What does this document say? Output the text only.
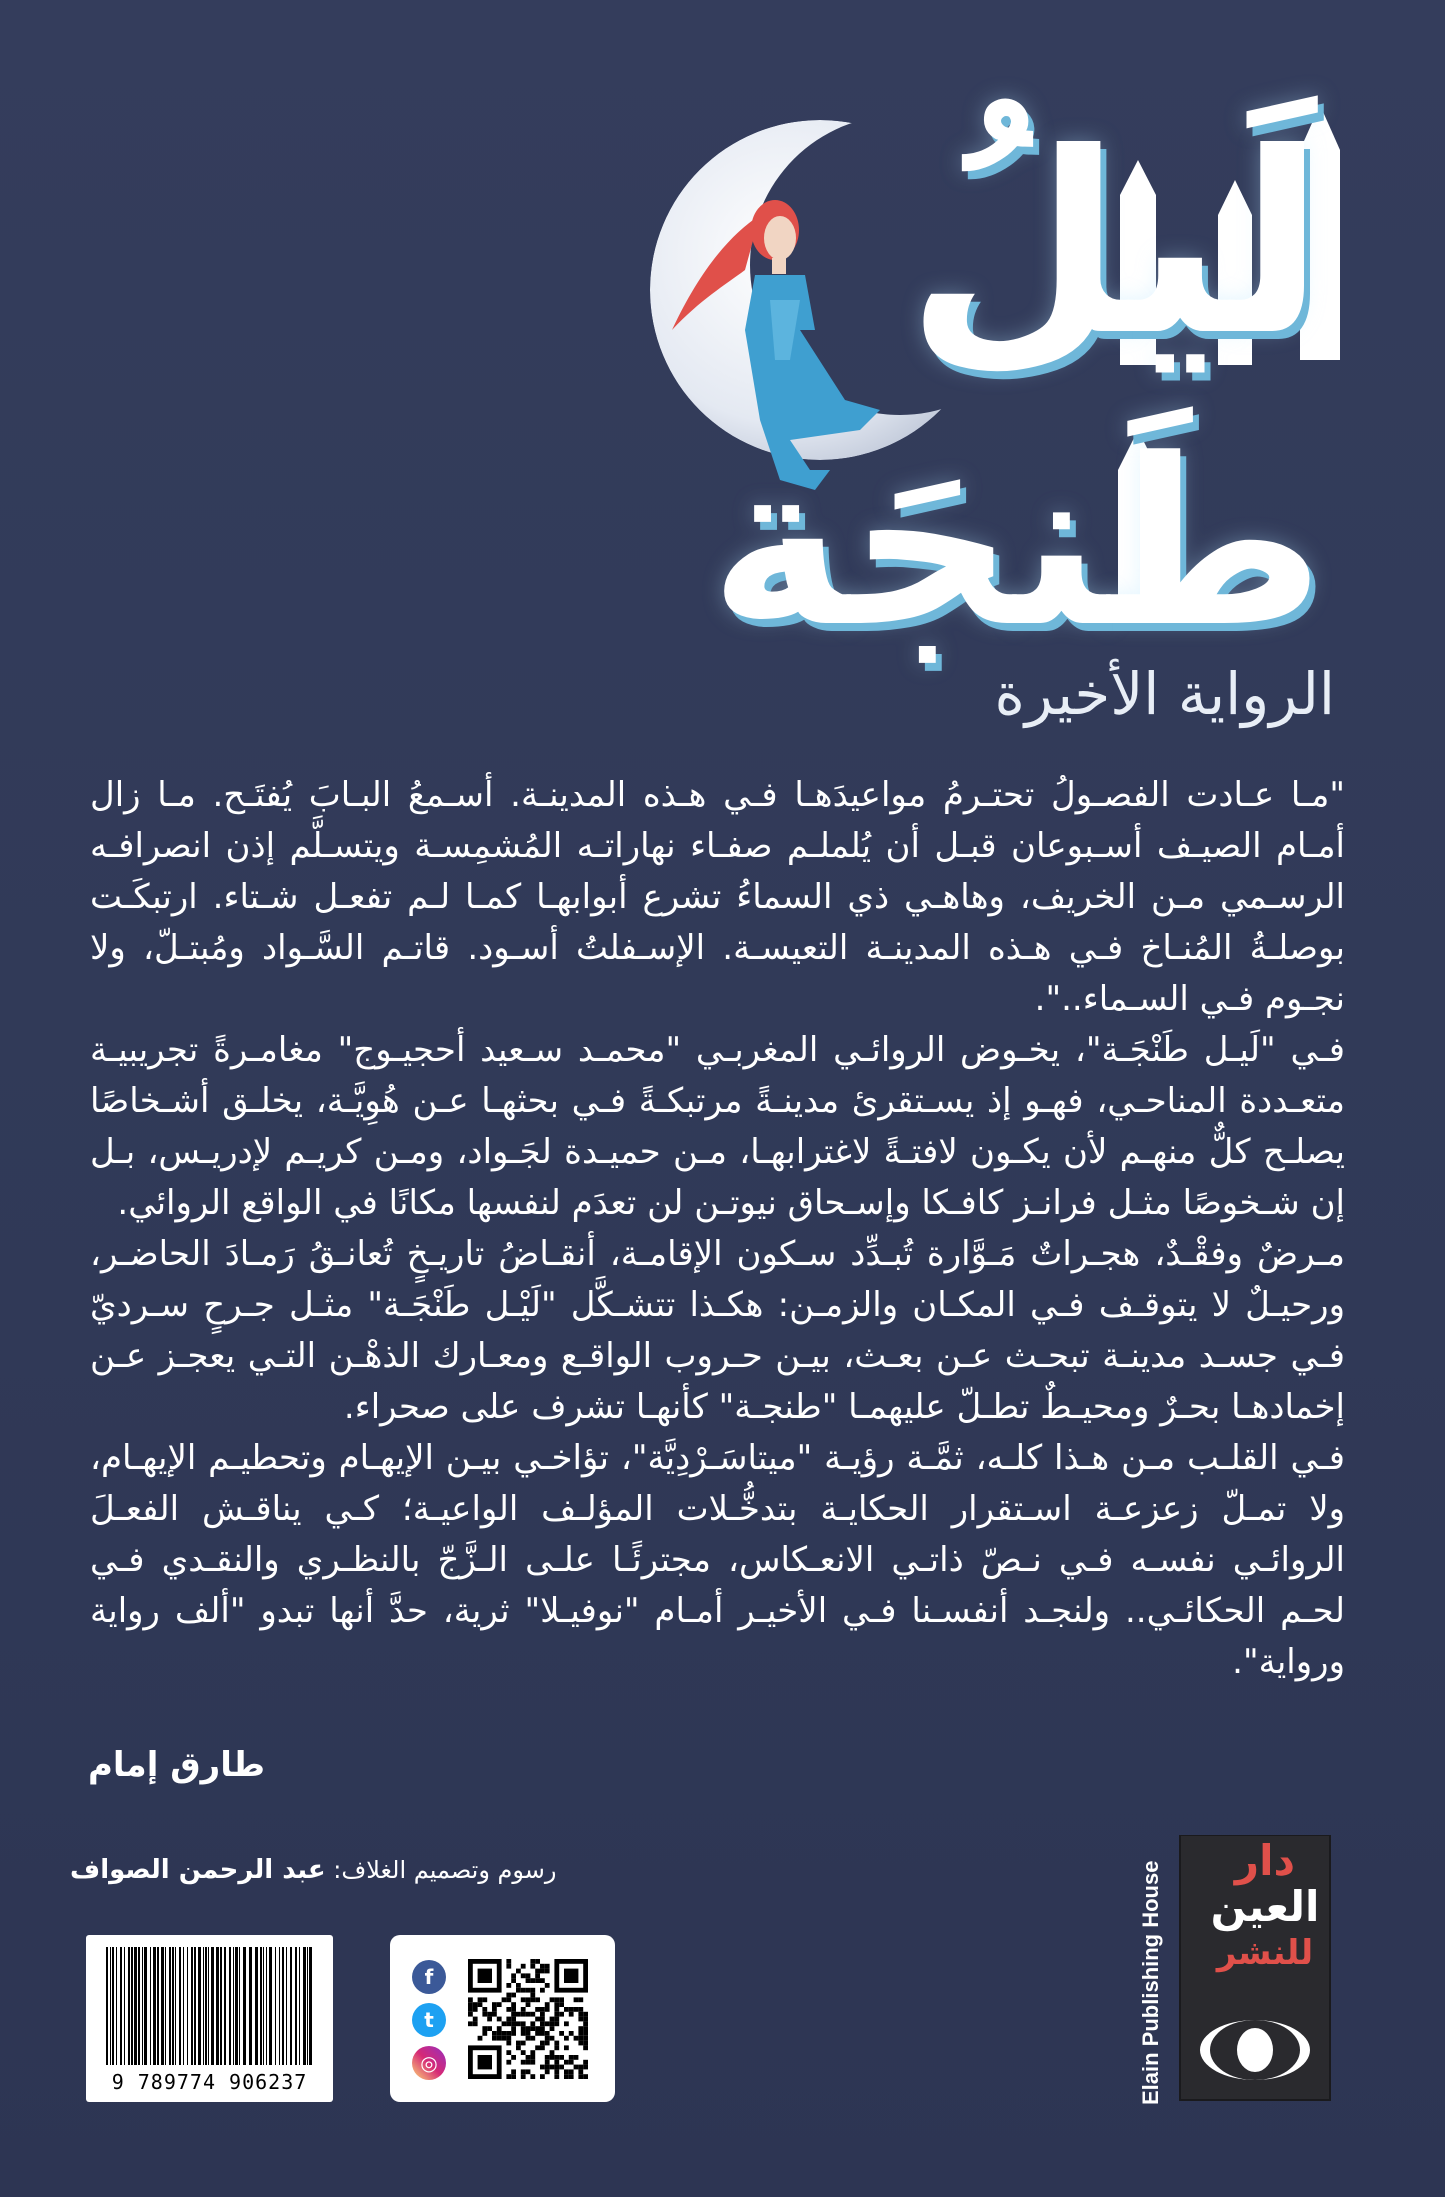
لَيلُ
طَنجَة
الرواية الأخيرة

"مـا عـادت الفصـولُ تحتـرمُ مواعيدَهـا فـي هـذه المدينـة. أسـمعُ البـابَ يُفتَـح. مـا زال أمـام الصيـف أسـبوعان قبـل أن يُلملـم صفـاء نهاراتـه المُشمِسـة ويتسـلَّم إذن انصرافـه الرسـمي مـن الخريف، وهاهـي ذي السماءُ تشرع أبوابهـا كمـا لـم تفعـل شـتاء. ارتبكَـت بوصلـةُ المُنـاخ فـي هـذه المدينـة التعيسـة. الإسـفلتُ أسـود. قاتـم السَّـواد ومُبتـلّ، ولا نجـوم فـي السـماء..".

فـي "لَيـل طَنْجَـة"، يخـوض الروائـي المغربـي "محمـد سـعيد أحجيـوج" مغامـرةً تجريبيـة متعـددة المناحـي، فهـو إذ يسـتقرئ مدينـةً مرتبكـةً فـي بحثهـا عـن هُوِيَّـة، يخلـق أشـخاصًا يصلـح كلٌّ منهـم لأن يكـون لافتـةً لاغترابهـا، مـن حميـدة لجَـواد، ومـن كريـم لإدريـس، بـل إن شـخوصًا مثـل فرانـز كافـكا وإسـحاق نيوتـن لن تعدَم لنفسها مكانًا في الواقع الروائي.

مـرضٌ وفقْـدٌ، هجـراتٌ مَـوَّارة تُبـدِّد سـكون الإقامـة، أنقـاضُ تاريـخٍ تُعانـقُ رَمـادَ الحاضـر، ورحيـلٌ لا يتوقـف فـي المكـان والزمـن: هكـذا تتشـكَّل "لَيْـل طَنْجَـة" مثـل جـرحٍ سـرديّ فـي جسـد مدينـة تبحـث عـن بعـث، بيـن حـروب الواقـع ومعـارك الذهْـن التـي يعجـز عـن إخمادهـا بحـرٌ ومحيـطٌ تطـلّ عليهمـا "طنجـة" كأنهـا تشرف على صحراء.

فـي القلـب مـن هـذا كلـه، ثمَّـة رؤيـة "ميتاسَـرْدِيَّة"، تؤاخـي بيـن الإيهـام وتحطيـم الإيهـام، ولا تمـلّ زعزعـة اسـتقرار الحكايـة بتدخُّـلات المؤلـف الواعيـة؛ كـي يناقـش الفعـلَ الروائـي نفسـه فـي نـصّ ذاتـي الانعـكاس، مجترئًـا علـى الـزَّجّ بالنظـري والنقـدي فـي لحـم الحكائـي.. ولنجـد أنفسـنا فـي الأخيـر أمـام "نوفيـلا" ثرية، حدَّ أنها تبدو "ألف رواية ورواية".

طارق إمام
رسوم وتصميم الغلاف: عبد الرحمن الصواف
9 789774 906237
f
t
◎
دار
العين
للنشر
Elain Publishing House
